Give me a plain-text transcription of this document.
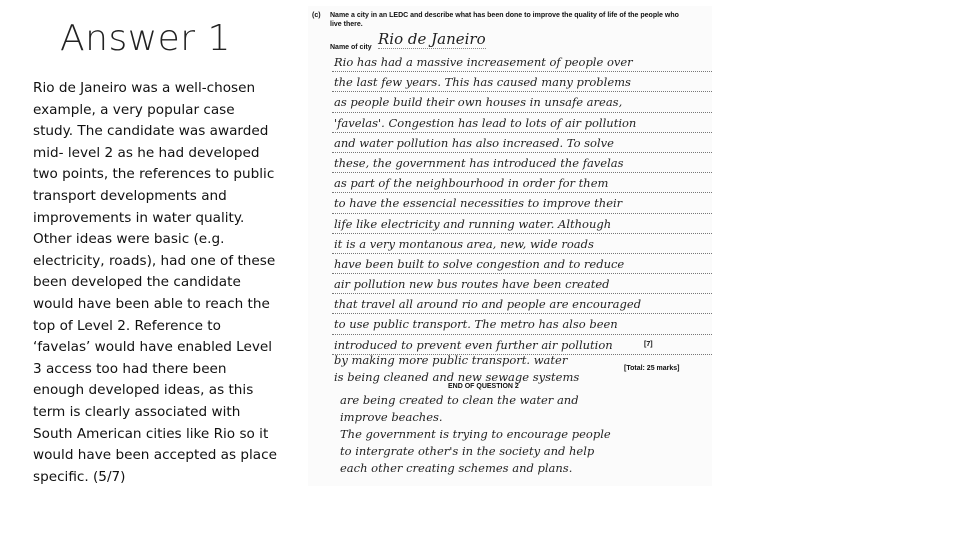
Answer 1
Rio de Janeiro was a well-chosen example, a very popular case study. The candidate was awarded mid- level 2 as he had developed two points, the references to public transport developments and improvements in water quality. Other ideas were basic (e.g. electricity, roads), had one of these been developed the candidate would have been able to reach the top of Level 2. Reference to ‘favelas’ would have enabled Level 3 access too had there been enough developed ideas, as this term is clearly associated with South American cities like Rio so it would have been accepted as place specific. (5/7)
(c) Name a city in an LEDC and describe what has been done to improve the quality of life of the people who live there.
Name of city Rio de Janeiro
Rio has had a massive increasement of people over
the last few years. This has caused many problems
as people build their own houses in unsafe areas,
'favelas'. Congestion has lead to lots of air pollution
and water pollution has also increased. To solve
these, the government has introduced the favelas
as part of the neighbourhood in order for them
to have the essencial necessities to improve their
life like electricity and running water. Although
it is a very montanous area, new, wide roads
have been built to solve congestion and to reduce
air pollution new bus routes have been created
that travel all around rio and people are encouraged
to use public transport. The metro has also been
introduced to prevent even further air pollution	[7]
by making more public transport. water
is being cleaned and new sewage systems
[Total: 25 marks]
END OF QUESTION 2
are being created to clean the water and
improve beaches.
The government is trying to encourage people
to intergrate other's in the society and help
each other creating schemes and plans.
